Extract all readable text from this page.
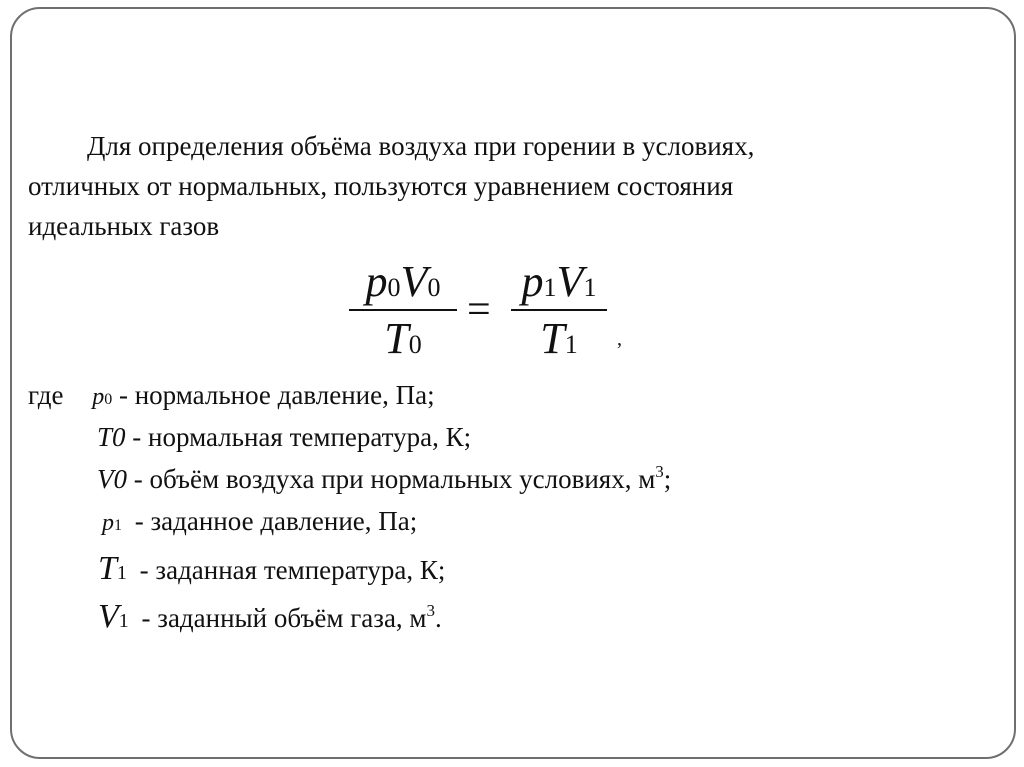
Для определения объёма воздуха при горении в условиях,
отличных от нормальных, пользуются уравнением состояния
идеальных газов
p0V0
T0
=
p1V1
T1	,
где p0 - нормальное давление, Па;
T0 - нормальная температура, К;
V0 - объём воздуха при нормальных условиях, $м^3$;
p1 - заданное давление, Па;
T1 - заданная температура, К;
V1 - заданный объём газа, $м^3$.
